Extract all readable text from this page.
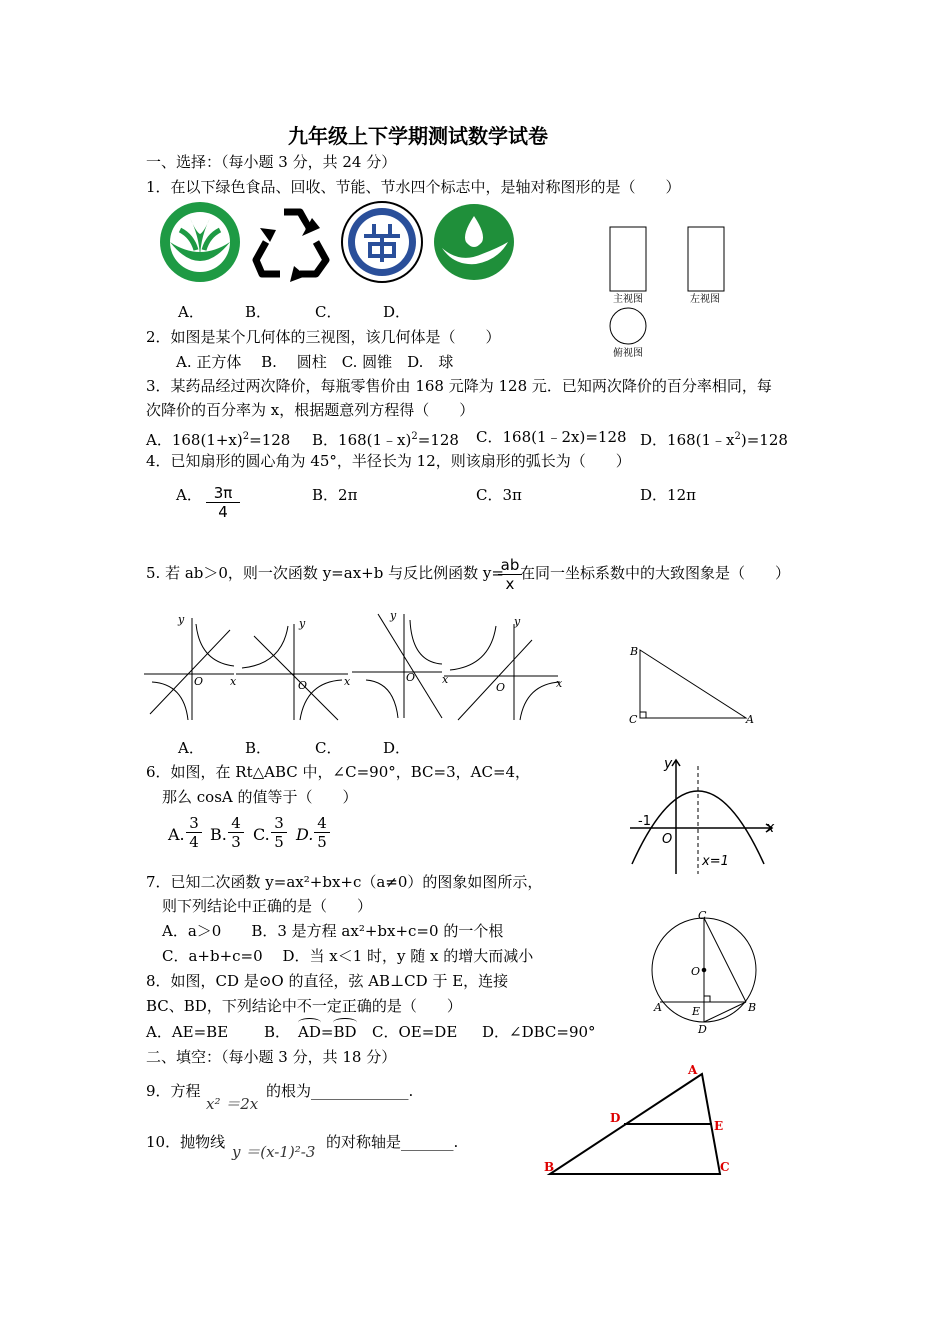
九年级上下学期测试数学试卷
一、选择：（每小题 3 分，共 24 分）
1．在以下绿色食品、回收、节能、节水四个标志中，是轴对称图形的是（　　）
A．	B．	C．	D．
主视图	左视图
俯视图
2．如图是某个几何体的三视图，该几何体是（　　）
A. 正方体　 B.　 圆柱　C. 圆锥　D.　球
3．某药品经过两次降价，每瓶零售价由 168 元降为 128 元．已知两次降价的百分率相同，每
次降价的百分率为 x，根据题意列方程得（　　）
A．$168(1+x)^2=128$ B．168(1﹣x)$^2$=128 C．168(1﹣2x)=128 D．$168(1﹣x^2)=128$
4．已知扇形的圆心角为 45°，半径长为 12，则该扇形的弧长为（　　）
A． $\frac{3\pi}{4}$	B．2π	C．3π	D．12π
5. 若 ab＞0，则一次函数 y=ax+b 与反比例函数 y=
$\frac{ab}{x}$
在同一坐标系数中的大致图象是（　　）
y
x
O
y
x
O
y
x
O
y
x
O
B
C	A
A．	B．	C．	D．
6．如图，在 Rt△ABC 中，∠C=90°，BC=3，AC=4，
那么 cosA 的值等于（　　）
A. $\frac{3}{4} B$. $\frac{4}{3} C$. $\frac{3}{5} D$. $\frac{4}{5}$
y
x
-1
O
x=1
7．已知二次函数 y=ax²+bx+c（a≠0）的图象如图所示，
则下列结论中正确的是（　　）
A．a＞0　　B．3 是方程 ax²+bx+c=0 的一个根
C．a+b+c=0　 D．当 x＜1 时，y 随 x 的增大而减小
C
O
A	B
E
D
8．如图，CD 是⊙O 的直径，弦 AB⊥CD 于 E，连接
BC、BD，下列结论中不一定正确的是（　　）
A．AE=BE B． AD=
BD C．OE=DE D．∠DBC=90°
二、填空：（每小题 3 分，共 18 分）
9．方程
x² ＝2x
的根为_____________.
10．抛物线
y ＝(x-1)²-3
的对称轴是_______.
A
D
E
B	C
